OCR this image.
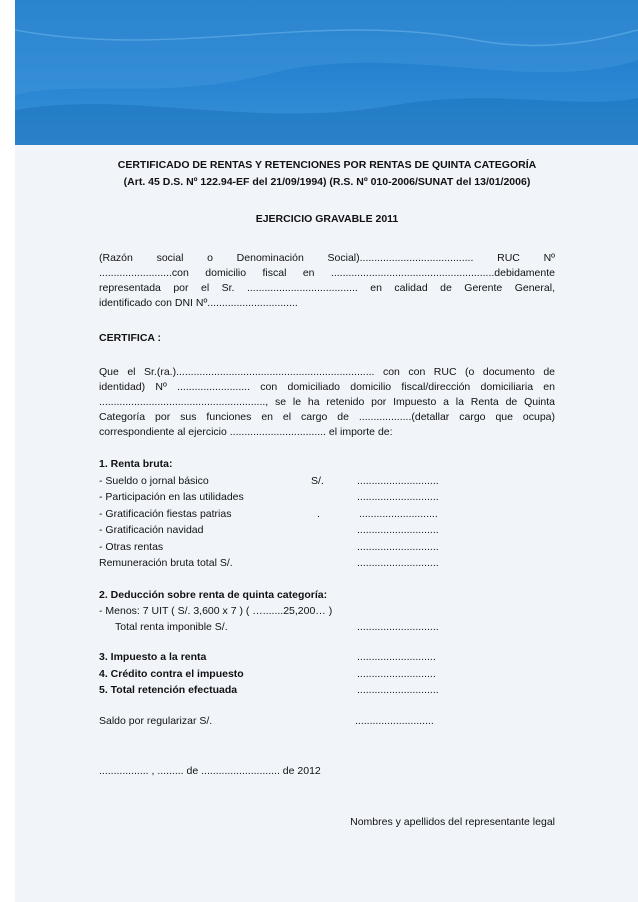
CERTIFICADO DE RENTAS Y RETENCIONES POR RENTAS DE QUINTA CATEGORÍA
(Art. 45 D.S. Nº 122.94-EF del 21/09/1994) (R.S. Nº 010-2006/SUNAT del 13/01/2006)
EJERCICIO GRAVABLE 2011

(Razón social o Denominación Social)....................................... RUC Nº

.........................con domicilio fiscal en ........................................................debidamente

representada por el Sr. ...................................... en calidad de Gerente General,

identificado con DNI Nº...............................

CERTIFICA :

Que el Sr.(ra.).................................................................... con con RUC (o documento de

identidad) Nº ......................... con domiciliado domicilio fiscal/dirección domiciliaria en

........................................................., se le ha retenido por Impuesto a la Renta de Quinta

Categoría por sus funciones en el cargo de ..................(detallar cargo que ocupa)

correspondiente al ejercicio ................................. el importe de:

1. Renta bruta:

- Sueldo o jornal básico	S/.	............................
- Participación en las utilidades	............................
- Gratificación fiestas patrias	.	...........................
- Gratificación navidad	............................
- Otras rentas	............................
Remuneración bruta total S/.	............................

2. Deducción sobre renta de quinta categoría:

- Menos: 7 UIT ( S/. 3,600 x 7 ) ( ….......25,200… )

Total renta imponible S/.	............................
3. Impuesto a la renta	...........................
4. Crédito contra el impuesto	...........................
5. Total retención efectuada	............................
Saldo por regularizar S/.	...........................

................. , ......... de ........................... de 2012

Nombres y apellidos del representante legal
